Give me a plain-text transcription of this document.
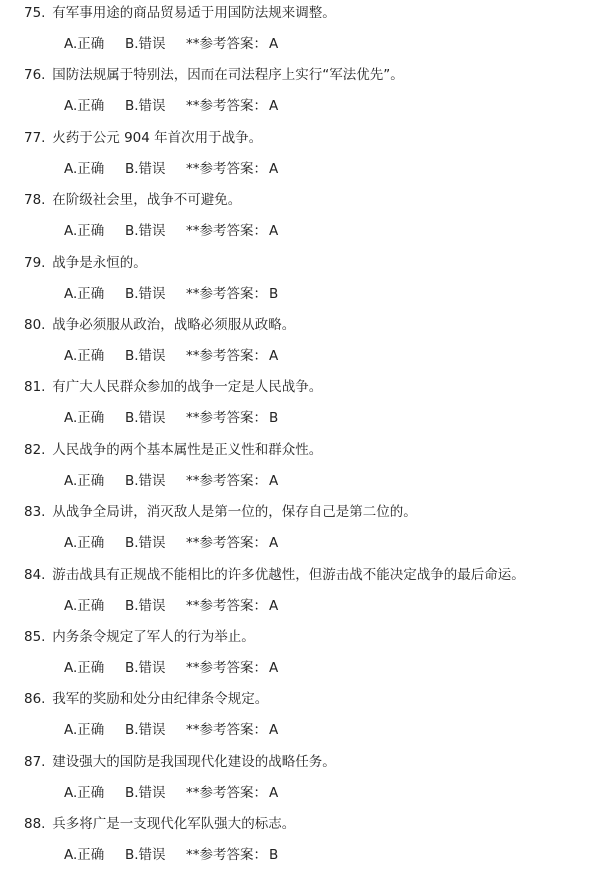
75. 有军事用途的商品贸易适于用国防法规来调整。
A.正确 B.错误 **参考答案： A
76. 国防法规属于特别法，因而在司法程序上实行“军法优先”。
A.正确 B.错误 **参考答案： A
77. 火药于公元 904 年首次用于战争。
A.正确 B.错误 **参考答案： A
78. 在阶级社会里，战争不可避免。
A.正确 B.错误 **参考答案： A
79. 战争是永恒的。
A.正确 B.错误 **参考答案： B
80. 战争必须服从政治，战略必须服从政略。
A.正确 B.错误 **参考答案： A
81. 有广大人民群众参加的战争一定是人民战争。
A.正确 B.错误 **参考答案： B
82. 人民战争的两个基本属性是正义性和群众性。
A.正确 B.错误 **参考答案： A
83. 从战争全局讲，消灭敌人是第一位的，保存自己是第二位的。
A.正确 B.错误 **参考答案： A
84. 游击战具有正规战不能相比的许多优越性，但游击战不能决定战争的最后命运。
A.正确 B.错误 **参考答案： A
85. 内务条令规定了军人的行为举止。
A.正确 B.错误 **参考答案： A
86. 我军的奖励和处分由纪律条令规定。
A.正确 B.错误 **参考答案： A
87. 建设强大的国防是我国现代化建设的战略任务。
A.正确 B.错误 **参考答案： A
88. 兵多将广是一支现代化军队强大的标志。
A.正确 B.错误 **参考答案： B
